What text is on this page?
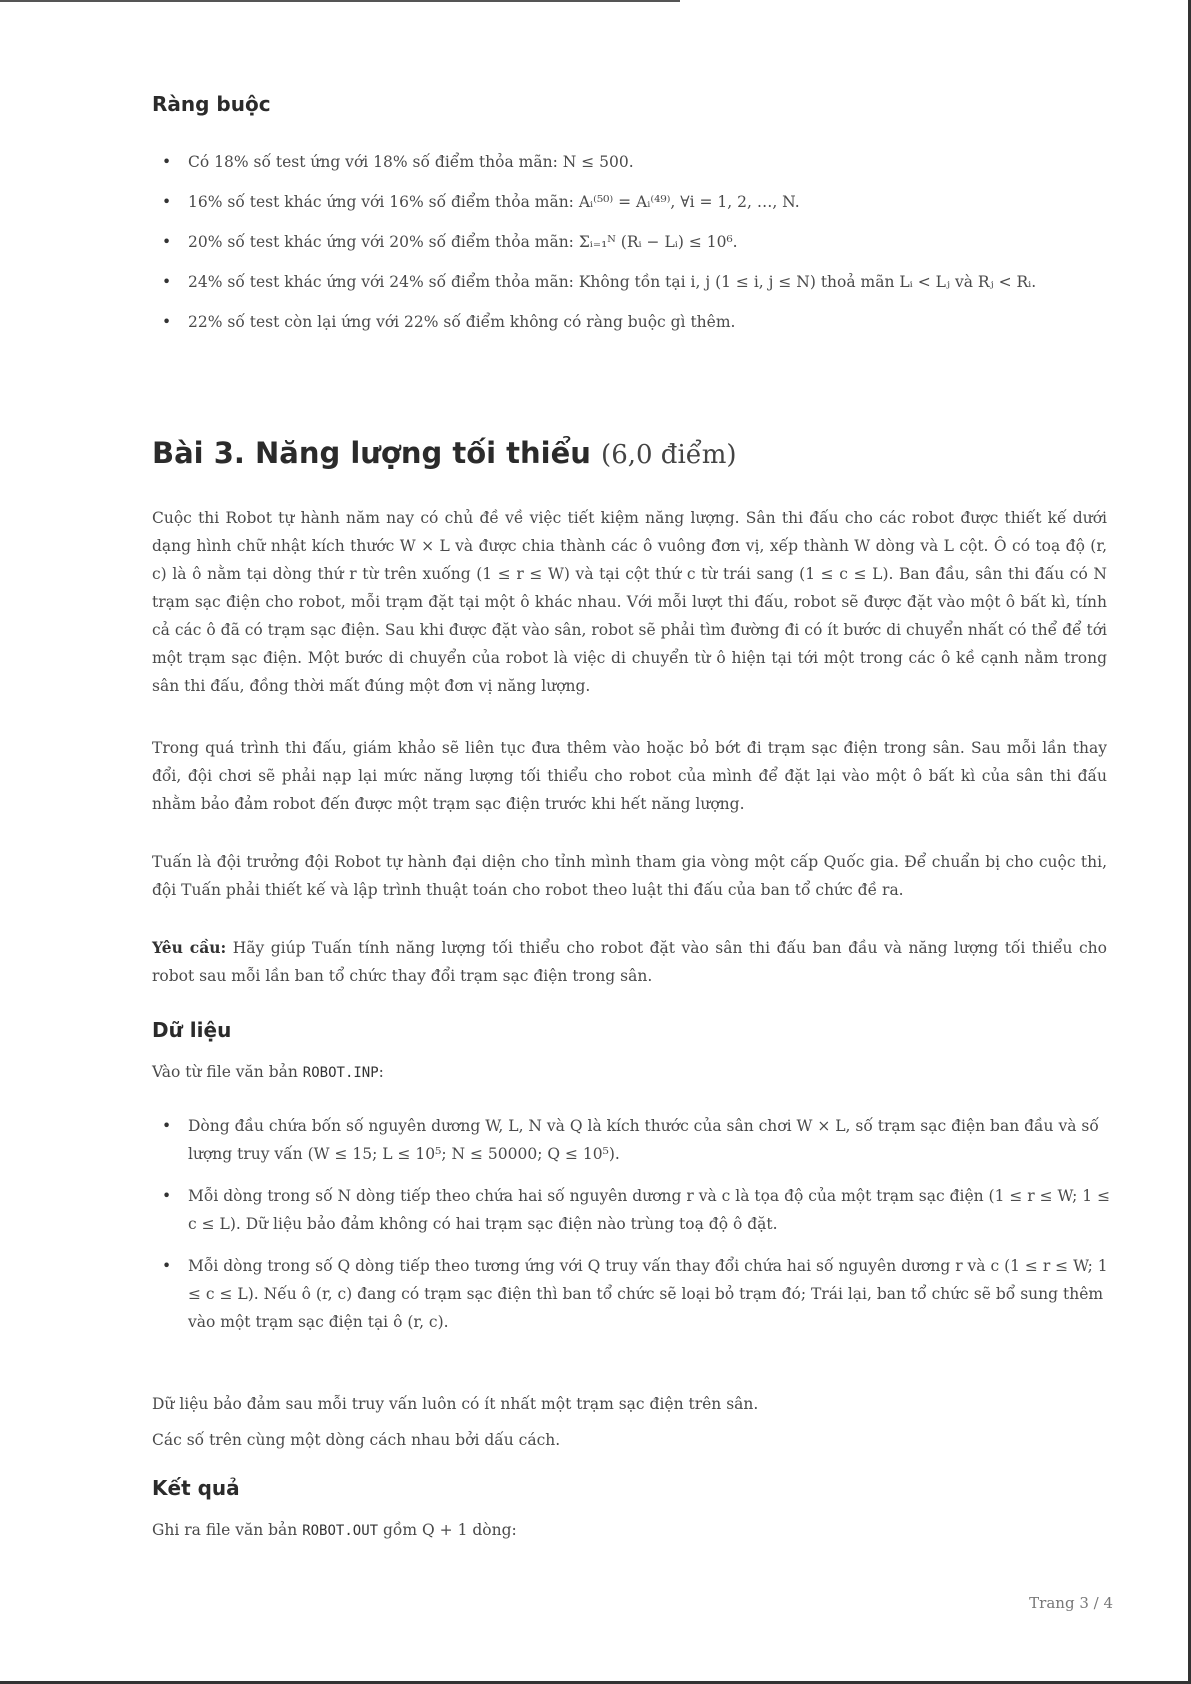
Ràng buộc
• Có 18% số test ứng với 18% số điểm thỏa mãn: N ≤ 500.
• 16% số test khác ứng với 16% số điểm thỏa mãn: Aᵢ⁽⁵⁰⁾ = Aᵢ⁽⁴⁹⁾, ∀i = 1, 2, …, N.
• 20% số test khác ứng với 20% số điểm thỏa mãn: Σᵢ₌₁ᴺ (Rᵢ − Lᵢ) ≤ 10⁶.
• 24% số test khác ứng với 24% số điểm thỏa mãn: Không tồn tại i, j (1 ≤ i, j ≤ N) thoả mãn Lᵢ < Lⱼ và Rⱼ < Rᵢ.
• 22% số test còn lại ứng với 22% số điểm không có ràng buộc gì thêm.
Bài 3. Năng lượng tối thiểu (6,0 điểm)

Cuộc thi Robot tự hành năm nay có chủ đề về việc tiết kiệm năng lượng. Sân thi đấu cho các robot được thiết kế dưới dạng hình chữ nhật kích thước W × L và được chia thành các ô vuông đơn vị, xếp thành W dòng và L cột. Ô có toạ độ (r, c) là ô nằm tại dòng thứ r từ trên xuống (1 ≤ r ≤ W) và tại cột thứ c từ trái sang (1 ≤ c ≤ L). Ban đầu, sân thi đấu có N trạm sạc điện cho robot, mỗi trạm đặt tại một ô khác nhau. Với mỗi lượt thi đấu, robot sẽ được đặt vào một ô bất kì, tính cả các ô đã có trạm sạc điện. Sau khi được đặt vào sân, robot sẽ phải tìm đường đi có ít bước di chuyển nhất có thể để tới một trạm sạc điện. Một bước di chuyển của robot là việc di chuyển từ ô hiện tại tới một trong các ô kề cạnh nằm trong sân thi đấu, đồng thời mất đúng một đơn vị năng lượng.

Trong quá trình thi đấu, giám khảo sẽ liên tục đưa thêm vào hoặc bỏ bớt đi trạm sạc điện trong sân. Sau mỗi lần thay đổi, đội chơi sẽ phải nạp lại mức năng lượng tối thiểu cho robot của mình để đặt lại vào một ô bất kì của sân thi đấu nhằm bảo đảm robot đến được một trạm sạc điện trước khi hết năng lượng.

Tuấn là đội trưởng đội Robot tự hành đại diện cho tỉnh mình tham gia vòng một cấp Quốc gia. Để chuẩn bị cho cuộc thi, đội Tuấn phải thiết kế và lập trình thuật toán cho robot theo luật thi đấu của ban tổ chức đề ra.

Yêu cầu: Hãy giúp Tuấn tính năng lượng tối thiểu cho robot đặt vào sân thi đấu ban đầu và năng lượng tối thiểu cho robot sau mỗi lần ban tổ chức thay đổi trạm sạc điện trong sân.

Dữ liệu

Vào từ file văn bản ROBOT.INP:

• Dòng đầu chứa bốn số nguyên dương W, L, N và Q là kích thước của sân chơi W × L, số trạm sạc điện ban đầu và số lượng truy vấn (W ≤ 15; L ≤ 10⁵; N ≤ 50000; Q ≤ 10⁵).
• Mỗi dòng trong số N dòng tiếp theo chứa hai số nguyên dương r và c là tọa độ của một trạm sạc điện (1 ≤ r ≤ W; 1 ≤ c ≤ L). Dữ liệu bảo đảm không có hai trạm sạc điện nào trùng toạ độ ô đặt.
• Mỗi dòng trong số Q dòng tiếp theo tương ứng với Q truy vấn thay đổi chứa hai số nguyên dương r và c (1 ≤ r ≤ W; 1 ≤ c ≤ L). Nếu ô (r, c) đang có trạm sạc điện thì ban tổ chức sẽ loại bỏ trạm đó; Trái lại, ban tổ chức sẽ bổ sung thêm vào một trạm sạc điện tại ô (r, c).

Dữ liệu bảo đảm sau mỗi truy vấn luôn có ít nhất một trạm sạc điện trên sân.

Các số trên cùng một dòng cách nhau bởi dấu cách.

Kết quả

Ghi ra file văn bản ROBOT.OUT gồm Q + 1 dòng:

Trang 3 / 4
